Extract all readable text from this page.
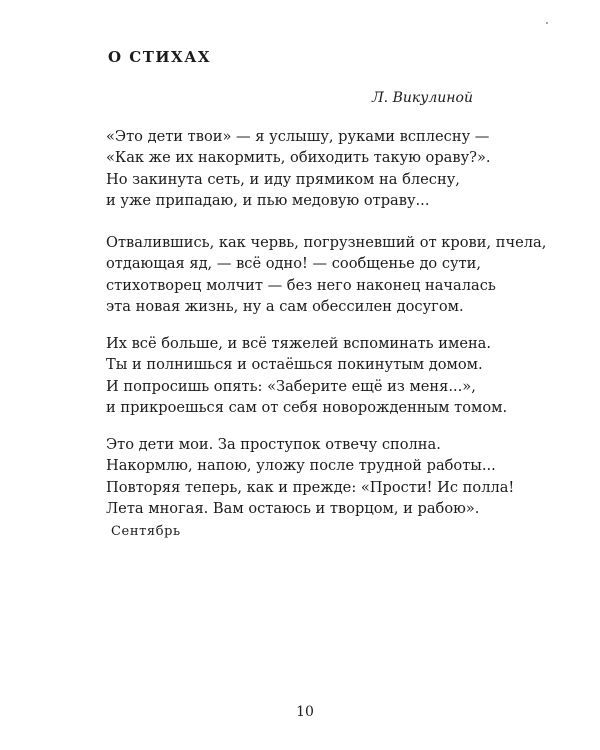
О СТИХАХ
Л. Викулиной

«Это дети твои» — я услышу, руками всплесну —
«Как же их накормить, обиходить такую ораву?».
Но закинута сеть, и иду прямиком на блесну,
и уже припадаю, и пью медовую отраву...

Отвалившись, как червь, погрузневший от крови, пчела,
отдающая яд, — всё одно! — сообщенье до сути,
стихотворец молчит — без него наконец началась
эта новая жизнь, ну а сам обессилен досугом.

Их всё больше, и всё тяжелей вспоминать имена.
Ты и полнишься и остаёшься покинутым домом.
И попросишь опять: «Заберите ещё из меня...»,
и прикроешься сам от себя новорожденным томом.

Это дети мои. За проступок отвечу сполна.
Накормлю, напою, уложу после трудной работы...
Повторяя теперь, как и прежде: «Прости! Ис полла!
Лета многая. Вам остаюсь и творцом, и рабою».

Сентябрь
10
